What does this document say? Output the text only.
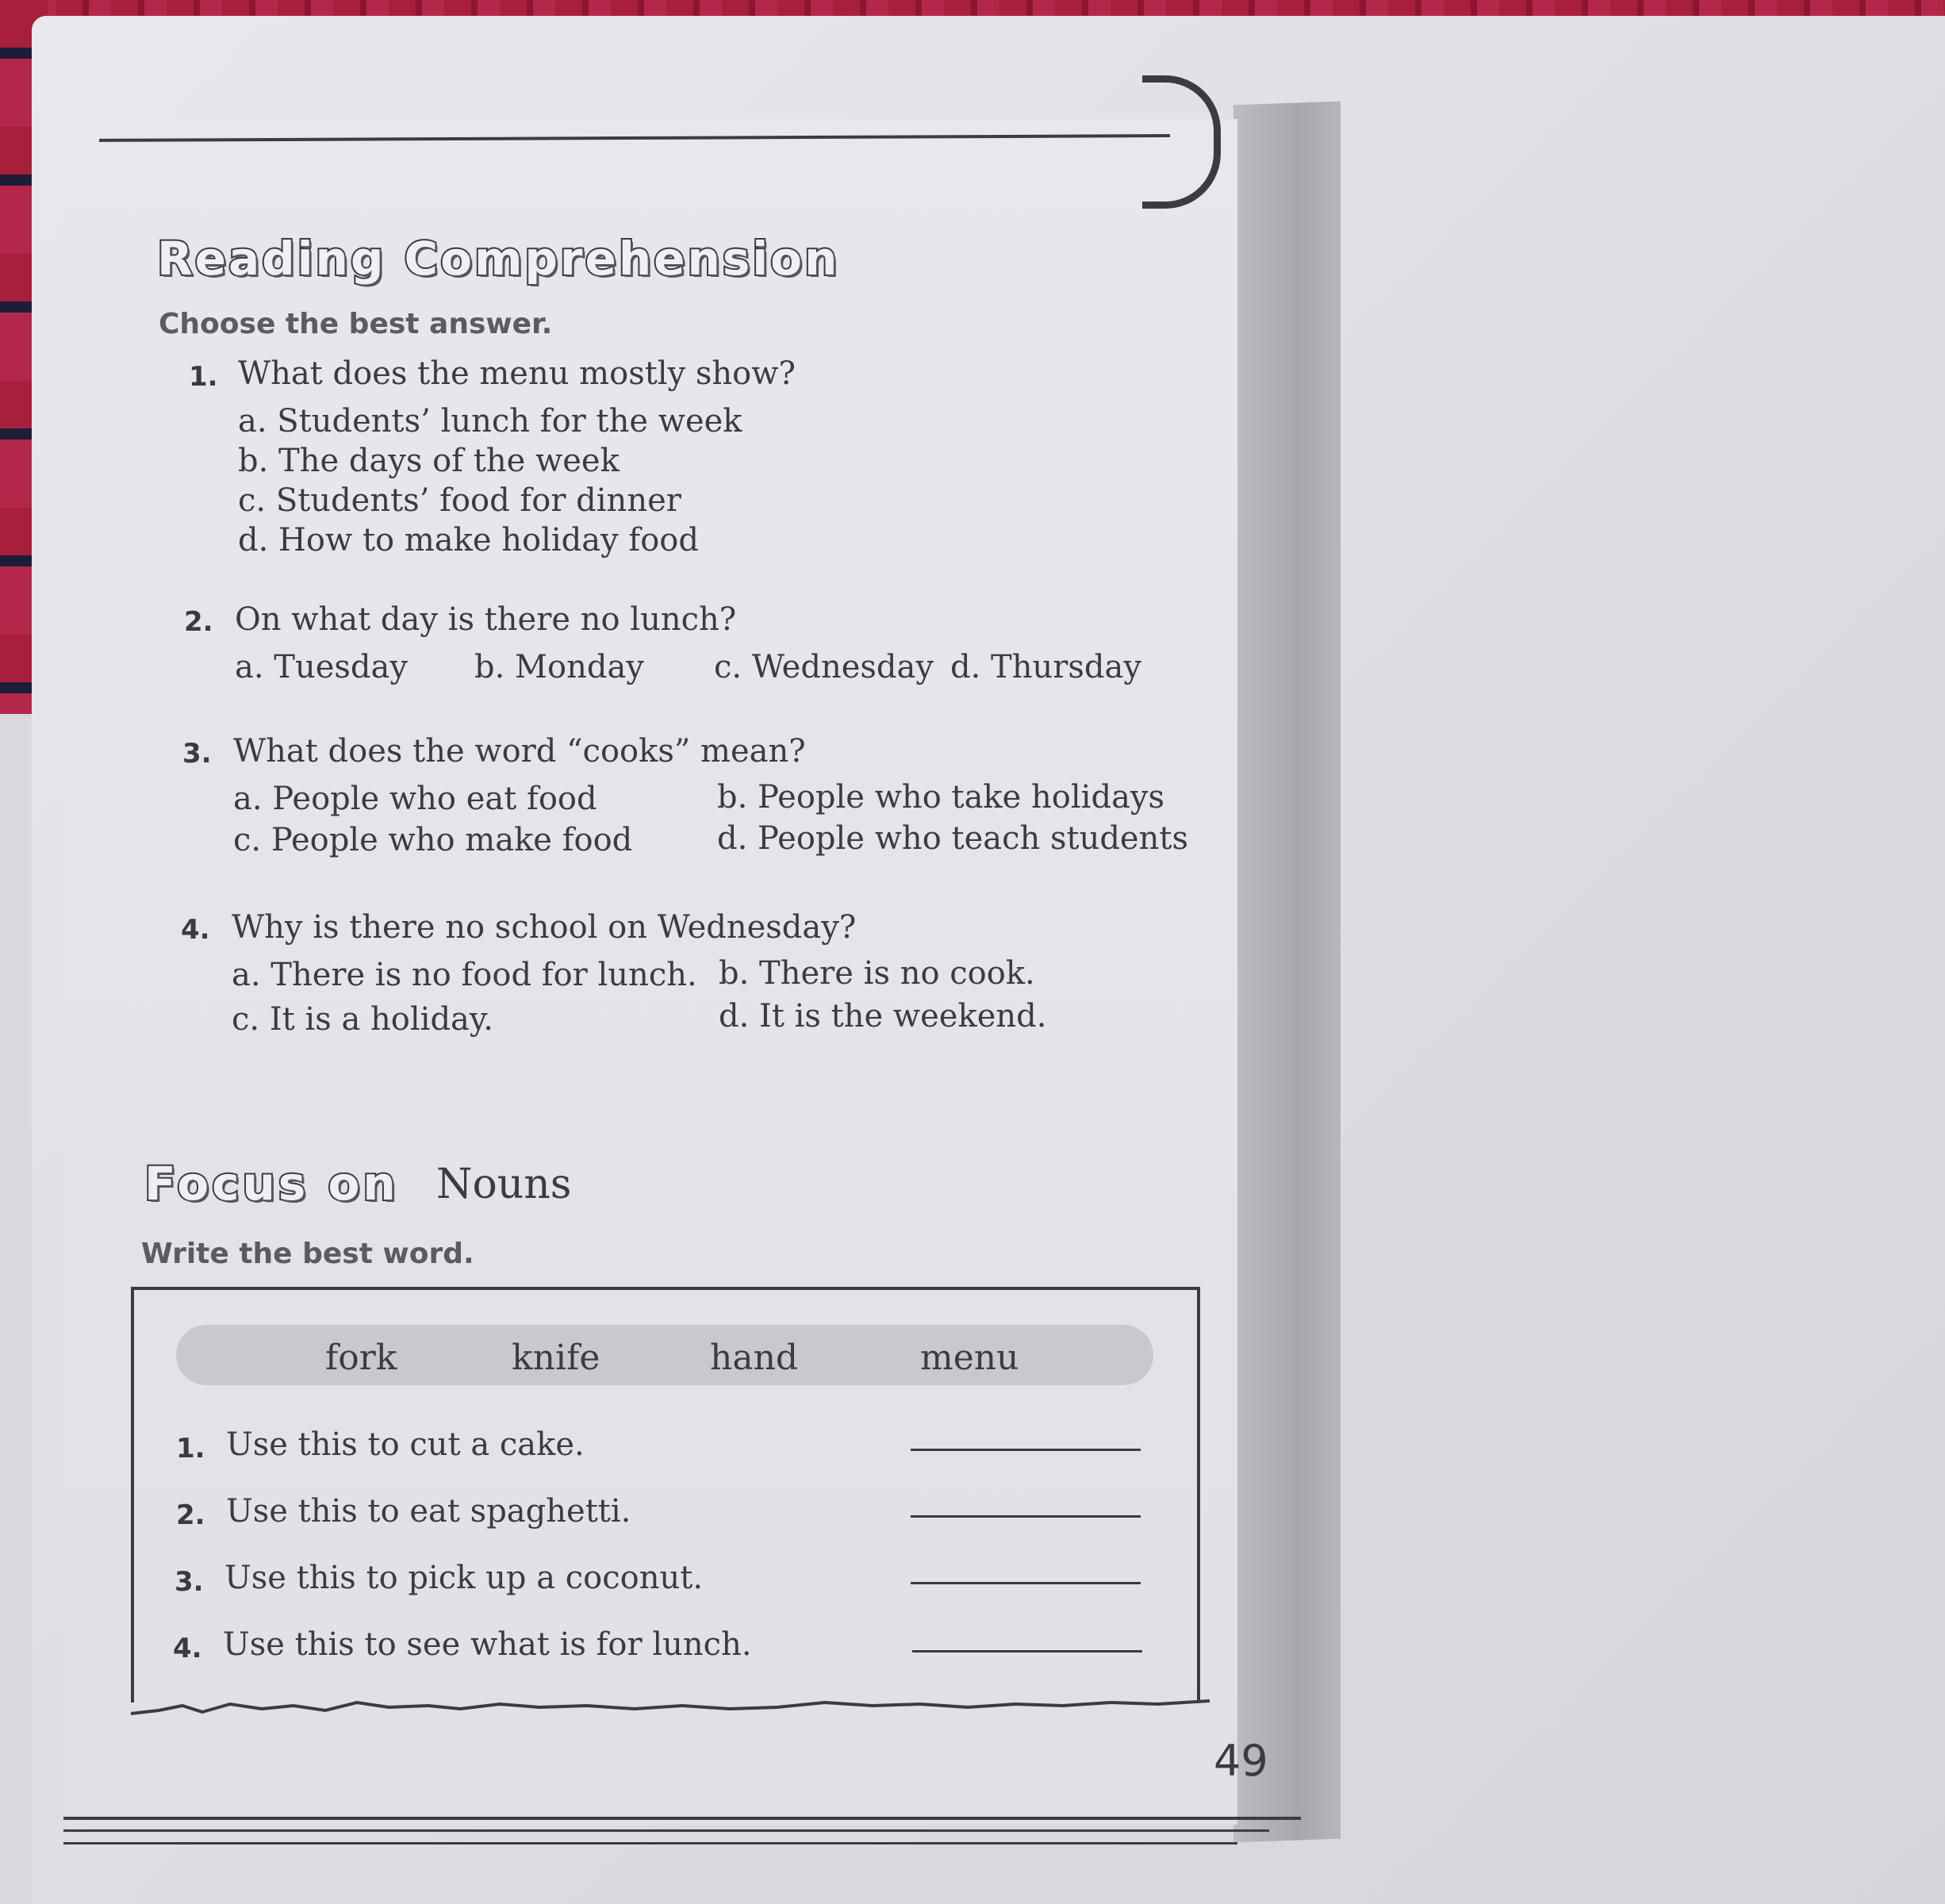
Reading Comprehension
Choose the best answer.
1. What does the menu mostly show?
a. Students’ lunch for the week
b. The days of the week
c. Students’ food for dinner
d. How to make holiday food
2. On what day is there no lunch?
a. Tuesday b. Monday c. Wednesday d. Thursday
3. What does the word “cooks” mean?
a. People who eat food	b. People who take holidays
c. People who make food	d. People who teach students
4. Why is there no school on Wednesday?
a. There is no food for lunch. b. There is no cook.
c. It is a holiday.	d. It is the weekend.
Focus on Nouns
Write the best word.
fork	knife	hand	menu
1. Use this to cut a cake.
2. Use this to eat spaghetti.
3. Use this to pick up a coconut.
4. Use this to see what is for lunch.
49
